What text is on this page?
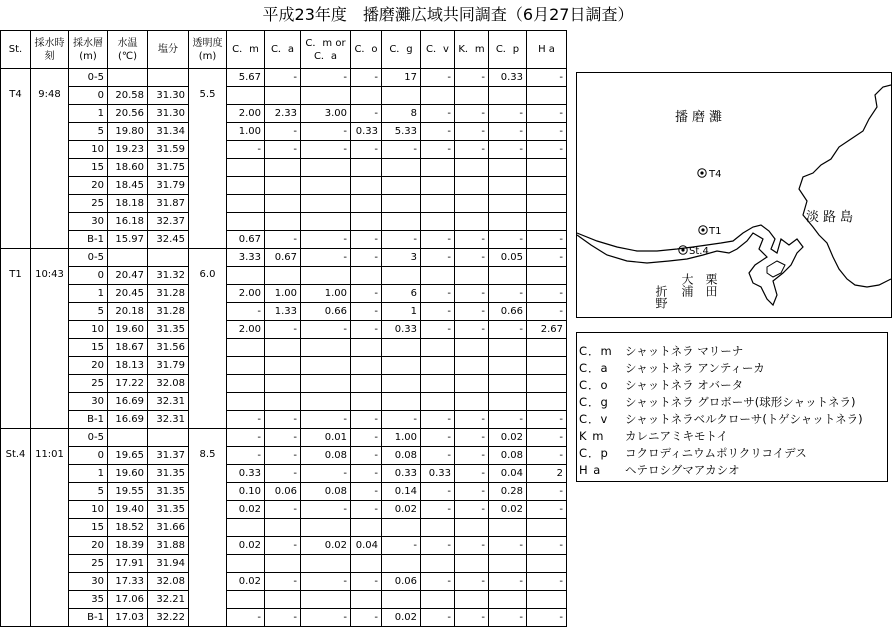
平成23年度　播磨灘広域共同調査（6月27日調査）
St.	採水時刻	採水層(m)	水温(℃)	塩分	透明度(m)	C．m	C．a	C．m or C．a	C．o	C．g	C．v	K．m	C．p	H a
T4	9:48	0-5			5.5	5.67	-	-	-	17	-	-	0.33	-
		0	20.58	31.30										
		1	20.56	31.30		2.00	2.33	3.00	-	8	-	-	-	-
		5	19.80	31.34		1.00	-	-	0.33	5.33	-	-	-	-
		10	19.23	31.59		-	-	-	-	-	-	-	-	-
		15	18.60	31.75										
		20	18.45	31.79										
		25	18.18	31.87										
		30	16.18	32.37										
		B-1	15.97	32.45		0.67	-	-	-	-	-	-	-	-
T1	10:43	0-5			6.0	3.33	0.67	-	-	3	-	-	0.05	-
		0	20.47	31.32										
		1	20.45	31.28		2.00	1.00	1.00	-	6	-	-	-	-
		5	20.18	31.28		-	1.33	0.66	-	1	-	-	0.66	-
		10	19.60	31.35		2.00	-	-	-	0.33	-	-	-	2.67
		15	18.67	31.56										
		20	18.13	31.79										
		25	17.22	32.08										
		30	16.69	32.31										
		B-1	16.69	32.31		-	-	-	-	-	-	-	-	-
St.4	11:01	0-5			8.5	-	-	0.01	-	1.00	-	-	0.02	-
		0	19.65	31.37		-	-	0.08	-	0.08	-	-	0.08	-
		1	19.60	31.35		0.33	-	-	-	0.33	0.33	-	0.04	2
		5	19.55	31.35		0.10	0.06	0.08	-	0.14	-	-	0.28	-
		10	19.40	31.35		0.02	-	-	-	0.02	-	-	0.02	-
		15	18.52	31.66										
		20	18.39	31.88		0.02	-	0.02	0.04	-	-	-	-	-
		25	17.91	31.94										
		30	17.33	32.08		0.02	-	-	-	0.06	-	-	-	-
		35	17.06	32.21										
		B-1	17.03	32.22		-	-	-	-	0.02	-	-	-	-
播磨灘
淡路島
T4
T1
St.4
大浦 栗田
折野
C．m	シャットネラ マリーナ
C．a	シャットネラ アンティーカ
C．o	シャットネラ オバータ
C．g	シャットネラ グロボーサ(球形シャットネラ)
C．v	シャットネラベルクローサ(トゲシャットネラ)
K m	カレニアミキモトイ
C．p	コクロディニウムポリクリコイデス
H a	ヘテロシグマアカシオ
